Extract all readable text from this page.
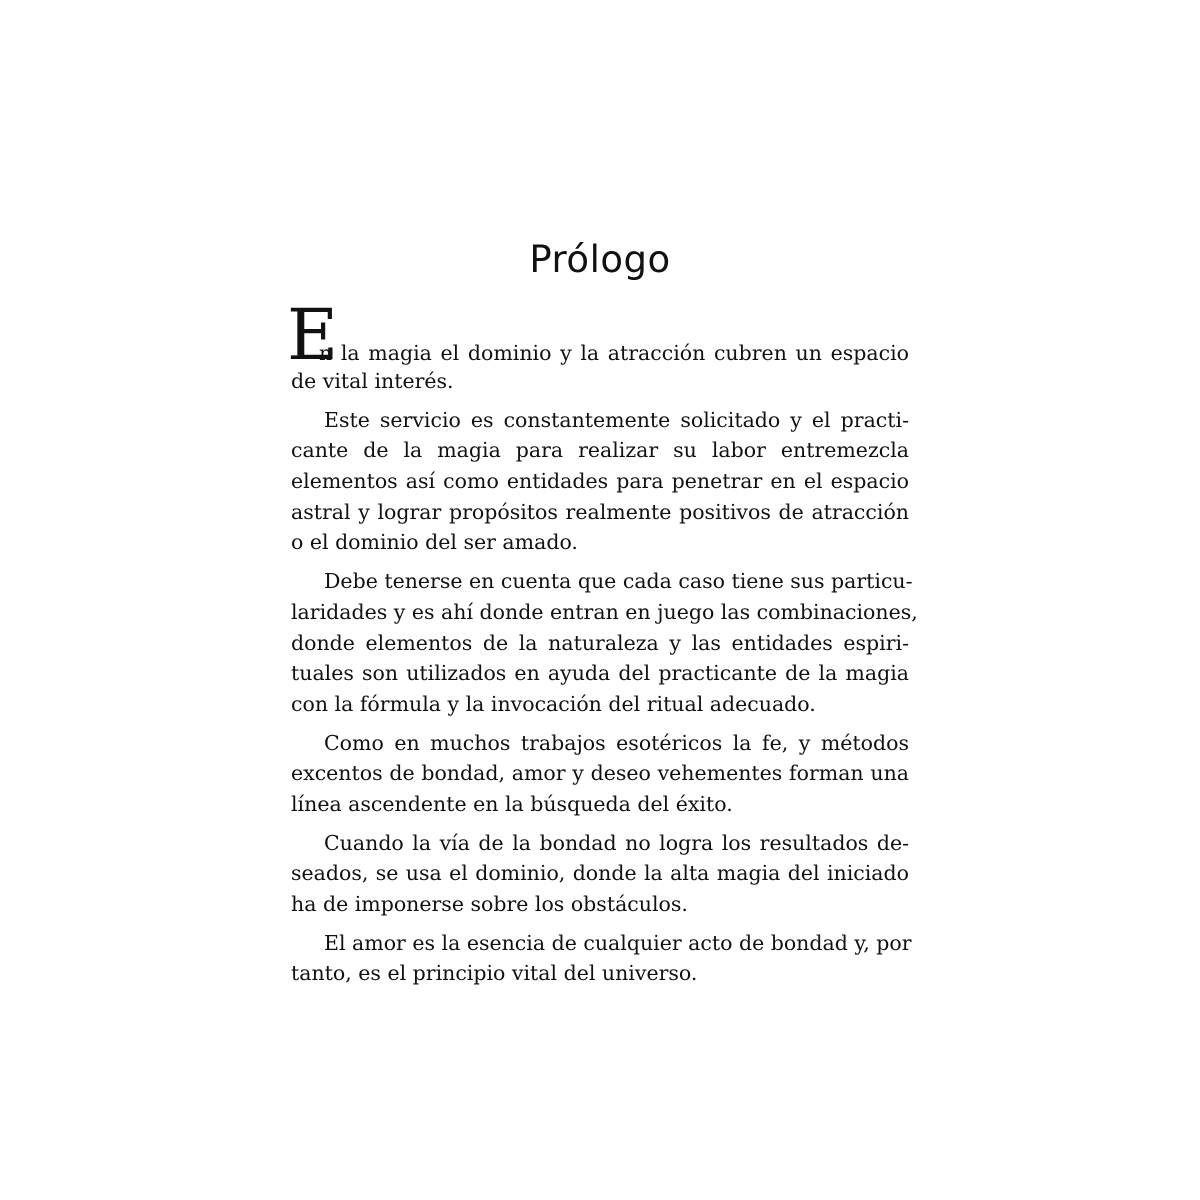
Prólogo
E
n la magia el dominio y la atracción cubren un espacio
de vital interés.
Este servicio es constantemente solicitado y el practi-
cante de la magia para realizar su labor entremezcla
elementos así como entidades para penetrar en el espacio
astral y lograr propósitos realmente positivos de atracción
o el dominio del ser amado.
Debe tenerse en cuenta que cada caso tiene sus particu-
laridades y es ahí donde entran en juego las combinaciones,
donde elementos de la naturaleza y las entidades espiri-
tuales son utilizados en ayuda del practicante de la magia
con la fórmula y la invocación del ritual adecuado.
Como en muchos trabajos esotéricos la fe, y métodos
excentos de bondad, amor y deseo vehementes forman una
línea ascendente en la búsqueda del éxito.
Cuando la vía de la bondad no logra los resultados de-
seados, se usa el dominio, donde la alta magia del iniciado
ha de imponerse sobre los obstáculos.
El amor es la esencia de cualquier acto de bondad y, por
tanto, es el principio vital del universo.
